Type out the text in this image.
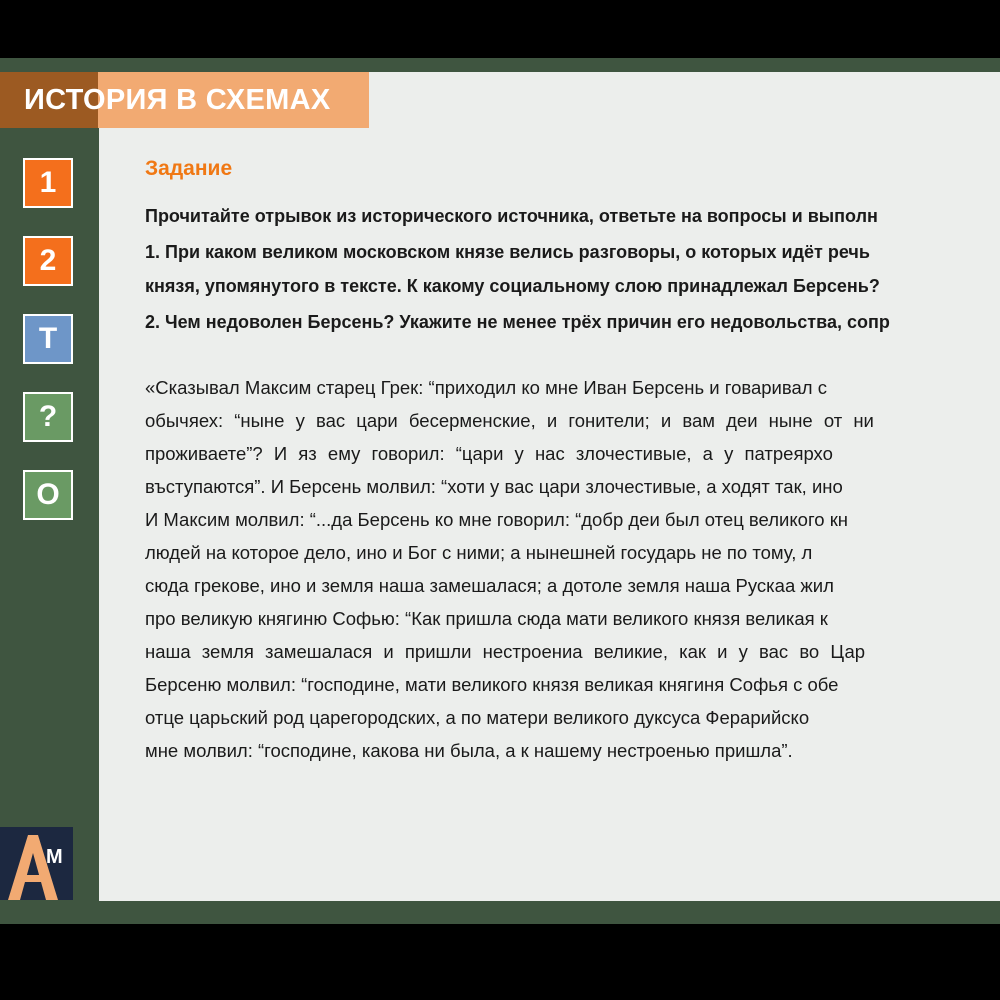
ИСТОРИЯ В СХЕМАХ
1
2
Т
?
О
M
Задание
Прочитайте отрывок из исторического источника, ответьте на вопросы и выполн
1. При каком великом московском князе велись разговоры, о которых идёт речь
князя, упомянутого в тексте. К какому социальному слою принадлежал Берсень?
2. Чем недоволен Берсень? Укажите не менее трёх причин его недовольства, сопр
«Сказывал Максим старец Грек: “приходил ко мне Иван Берсень и говаривал с
обычяех: “ныне у вас цари бесерменские, и гонители; и вам деи ныне от ни
проживаете”? И яз ему говорил: “цари у нас злочестивые, а у патреярхо
въступаются”. И Берсень молвил: “хоти у вас цари злочестивые, а ходят так, ино
И Максим молвил: “...да Берсень ко мне говорил: “добр деи был отец великого кн
людей на которое дело, ино и Бог с ними; а нынешней государь не по тому, л
сюда грекове, ино и земля наша замешалася; а дотоле земля наша Рускаа жил
про великую княгиню Софью: “Как пришла сюда мати великого князя великая к
наша земля замешалася и пришли нестроениа великие, как и у вас во Цар
Берсеню молвил: “господине, мати великого князя великая княгиня Софья с обе
отце царьский род царегородских, а по матери великого дуксуса Ферарийско
мне молвил: “господине, какова ни была, а к нашему нестроенью пришла”.
